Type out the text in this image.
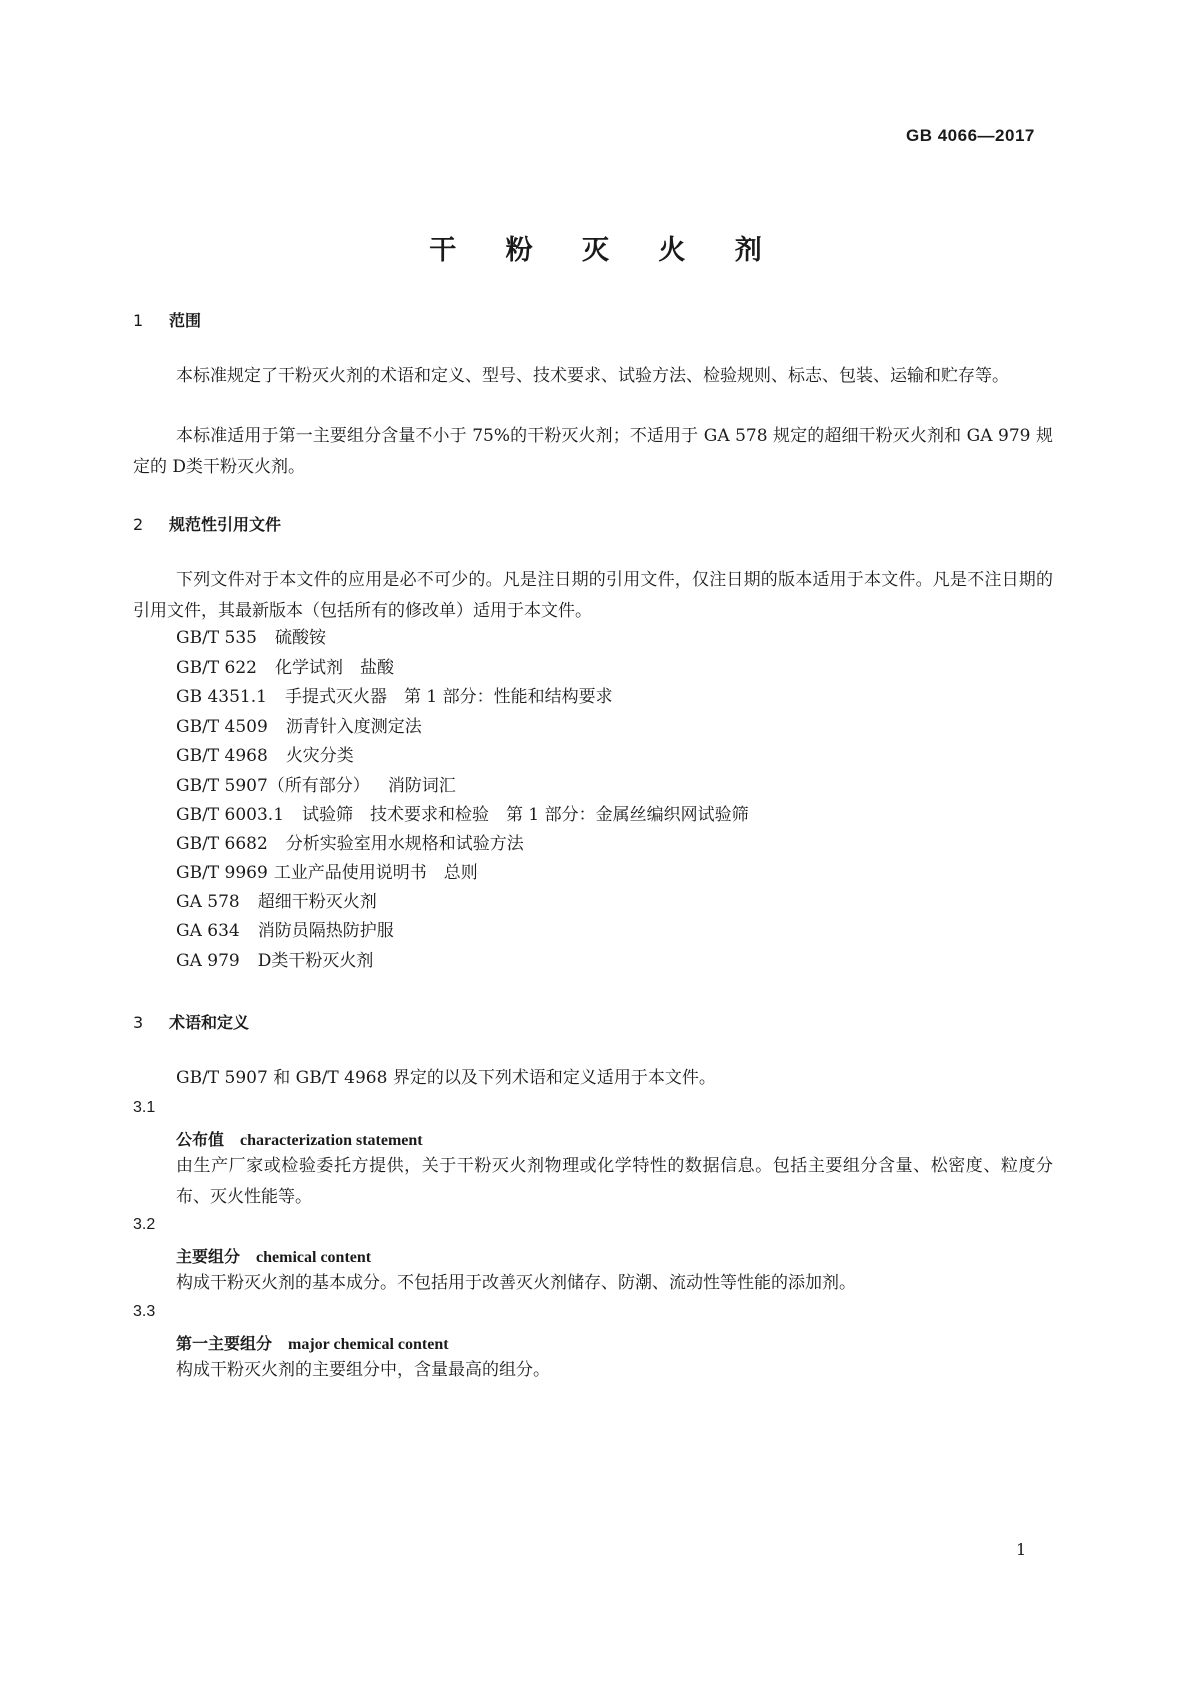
GB 4066—2017
干 粉 灭 火 剂
1 范围
本标准规定了干粉灭火剂的术语和定义、型号、技术要求、试验方法、检验规则、标志、包装、运输和贮存等。
本标准适用于第一主要组分含量不小于 75%的干粉灭火剂；不适用于 GA 578 规定的超细干粉灭火剂和 GA 979 规定的 D类干粉灭火剂。
2 规范性引用文件
下列文件对于本文件的应用是必不可少的。凡是注日期的引用文件，仅注日期的版本适用于本文件。凡是不注日期的引用文件，其最新版本（包括所有的修改单）适用于本文件。
GB/T 535 硫酸铵
GB/T 622 化学试剂　盐酸
GB 4351.1 手提式灭火器　第 1 部分：性能和结构要求
GB/T 4509 沥青针入度测定法
GB/T 4968 火灾分类
GB/T 5907（所有部分） 消防词汇
GB/T 6003.1 试验筛　技术要求和检验　第 1 部分：金属丝编织网试验筛
GB/T 6682 分析实验室用水规格和试验方法
GB/T 9969 工业产品使用说明书　总则
GA 578 超细干粉灭火剂
GA 634 消防员隔热防护服
GA 979 D类干粉灭火剂
3 术语和定义
GB/T 5907 和 GB/T 4968 界定的以及下列术语和定义适用于本文件。
3.1
公布值 characterization statement
由生产厂家或检验委托方提供，关于干粉灭火剂物理或化学特性的数据信息。包括主要组分含量、松密度、粒度分布、灭火性能等。
3.2
主要组分 chemical content
构成干粉灭火剂的基本成分。不包括用于改善灭火剂储存、防潮、流动性等性能的添加剂。
3.3
第一主要组分 major chemical content
构成干粉灭火剂的主要组分中，含量最高的组分。
1
